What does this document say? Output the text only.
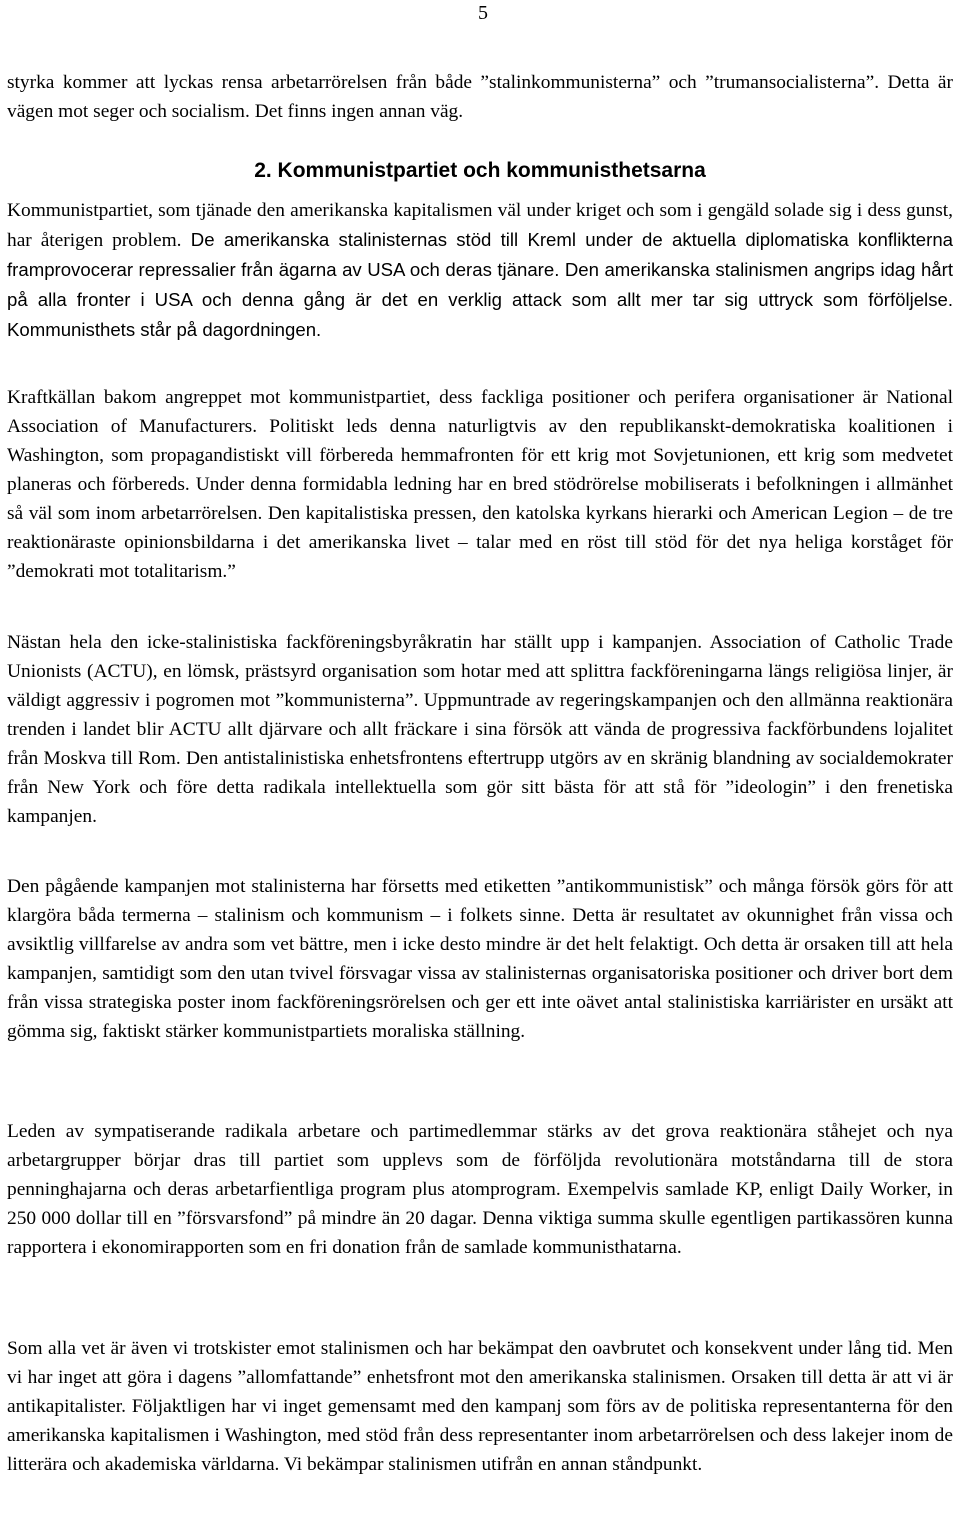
5

styrka kommer att lyckas rensa arbetarrörelsen från både ”stalinkommunisterna” och ”trumansocialisterna”. Detta är vägen mot seger och socialism. Det finns ingen annan väg.

2. Kommunistpartiet och kommunisthetsarna

Kommunistpartiet, som tjänade den amerikanska kapitalismen väl under kriget och som i gengäld solade sig i dess gunst, har återigen problem. De amerikanska stalinisternas stöd till Kreml under de aktuella diplomatiska konflikterna framprovocerar repressalier från ägarna av USA och deras tjänare. Den amerikanska stalinismen angrips idag hårt på alla fronter i USA och denna gång är det en verklig attack som allt mer tar sig uttryck som förföljelse. Kommunisthets står på dagordningen.

Kraftkällan bakom angreppet mot kommunistpartiet, dess fackliga positioner och perifera organisationer är National Association of Manufacturers. Politiskt leds denna naturligtvis av den republikanskt-demokratiska koalitionen i Washington, som propagandistiskt vill förbereda hemmafronten för ett krig mot Sovjetunionen, ett krig som medvetet planeras och förbereds. Under denna formidabla ledning har en bred stödrörelse mobiliserats i befolkningen i allmänhet så väl som inom arbetarrörelsen. Den kapitalistiska pressen, den katolska kyrkans hierarki och American Legion – de tre reaktionäraste opinionsbildarna i det amerikanska livet – talar med en röst till stöd för det nya heliga korståget för ”demokrati mot totalitarism.”

Nästan hela den icke-stalinistiska fackföreningsbyråkratin har ställt upp i kampanjen. Association of Catholic Trade Unionists (ACTU), en lömsk, prästsyrd organisation som hotar med att splittra fackföreningarna längs religiösa linjer, är väldigt aggressiv i pogromen mot ”kommunisterna”. Uppmuntrade av regeringskampanjen och den allmänna reaktionära trenden i landet blir ACTU allt djärvare och allt fräckare i sina försök att vända de progressiva fackförbundens lojalitet från Moskva till Rom. Den antistalinistiska enhetsfrontens eftertrupp utgörs av en skränig blandning av socialdemokrater från New York och före detta radikala intellektuella som gör sitt bästa för att stå för ”ideologin” i den frenetiska kampanjen.

Den pågående kampanjen mot stalinisterna har försetts med etiketten ”antikommunistisk” och många försök görs för att klargöra båda termerna – stalinism och kommunism – i folkets sinne. Detta är resultatet av okunnighet från vissa och avsiktlig villfarelse av andra som vet bättre, men i icke desto mindre är det helt felaktigt. Och detta är orsaken till att hela kampanjen, samtidigt som den utan tvivel försvagar vissa av stalinisternas organisatoriska positioner och driver bort dem från vissa strategiska poster inom fackföreningsrörelsen och ger ett inte oävet antal stalinistiska karriärister en ursäkt att gömma sig, faktiskt stärker kommunistpartiets moraliska ställning.

Leden av sympatiserande radikala arbetare och partimedlemmar stärks av det grova reaktionära ståhejet och nya arbetargrupper börjar dras till partiet som upplevs som de förföljda revolutionära motståndarna till de stora penninghajarna och deras arbetarfientliga program plus atomprogram. Exempelvis samlade KP, enligt Daily Worker, in 250 000 dollar till en ”försvarsfond” på mindre än 20 dagar. Denna viktiga summa skulle egentligen partikassören kunna rapportera i ekonomirapporten som en fri donation från de samlade kommunisthatarna.

Som alla vet är även vi trotskister emot stalinismen och har bekämpat den oavbrutet och konsekvent under lång tid. Men vi har inget att göra i dagens ”allomfattande” enhetsfront mot den amerikanska stalinismen. Orsaken till detta är att vi är antikapitalister. Följaktligen har vi inget gemensamt med den kampanj som förs av de politiska representanterna för den amerikanska kapitalismen i Washington, med stöd från dess representanter inom arbetarrörelsen och dess lakejer inom de litterära och akademiska världarna. Vi bekämpar stalinismen utifrån en annan ståndpunkt.
